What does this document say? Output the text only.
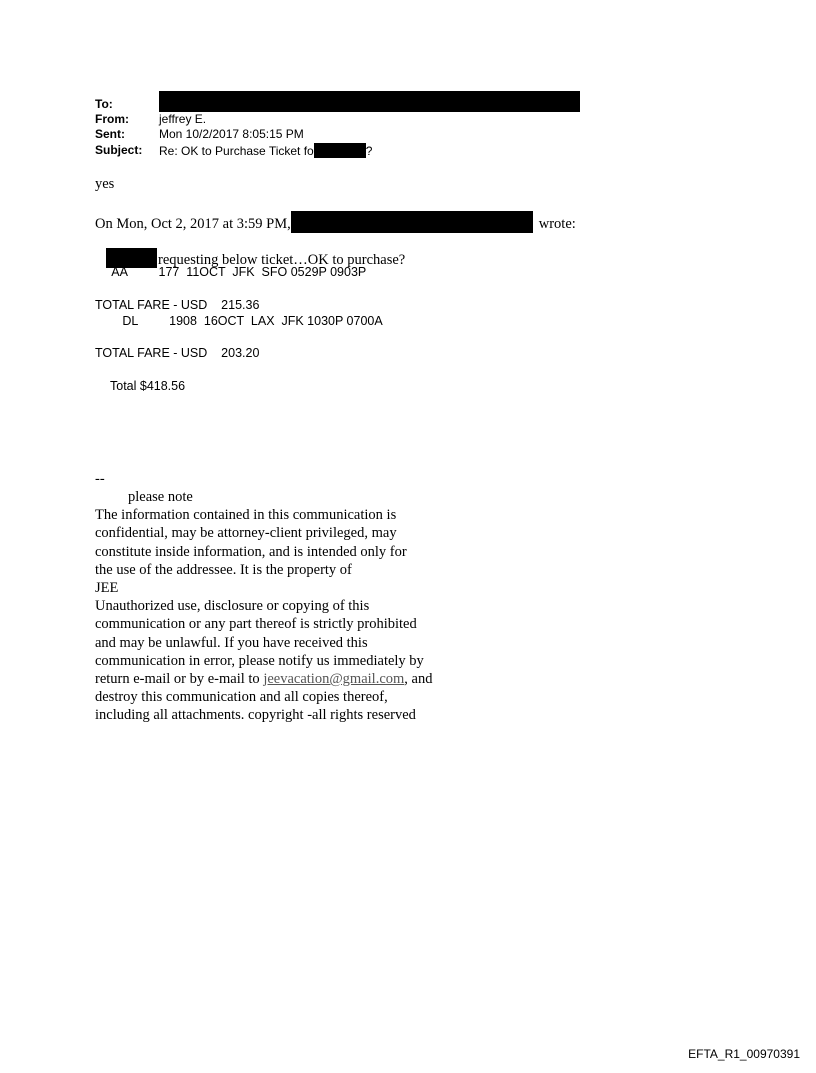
To:
From:	jeffrey E.
Sent:	Mon 10/2/2017 8:05:15 PM
Subject: Re: OK to Purchase Ticket fo	?
yes
On Mon, Oct 2, 2017 at 3:59 PM,	wrote:
requesting below ticket…OK to purchase?
AA         177  11OCT  JFK  SFO 0529P 0903P
TOTAL FARE - USD    215.36
DL         1908  16OCT  LAX  JFK 1030P 0700A
TOTAL FARE - USD    203.20
Total $418.56
--
please note
The information contained in this communication is
confidential, may be attorney-client privileged, may
constitute inside information, and is intended only for
the use of the addressee. It is the property of
JEE
Unauthorized use, disclosure or copying of this
communication or any part thereof is strictly prohibited
and may be unlawful. If you have received this
communication in error, please notify us immediately by
return e-mail or by e-mail to jeevacation@gmail.com, and
destroy this communication and all copies thereof,
including all attachments. copyright -all rights reserved
EFTA_R1_00970391
